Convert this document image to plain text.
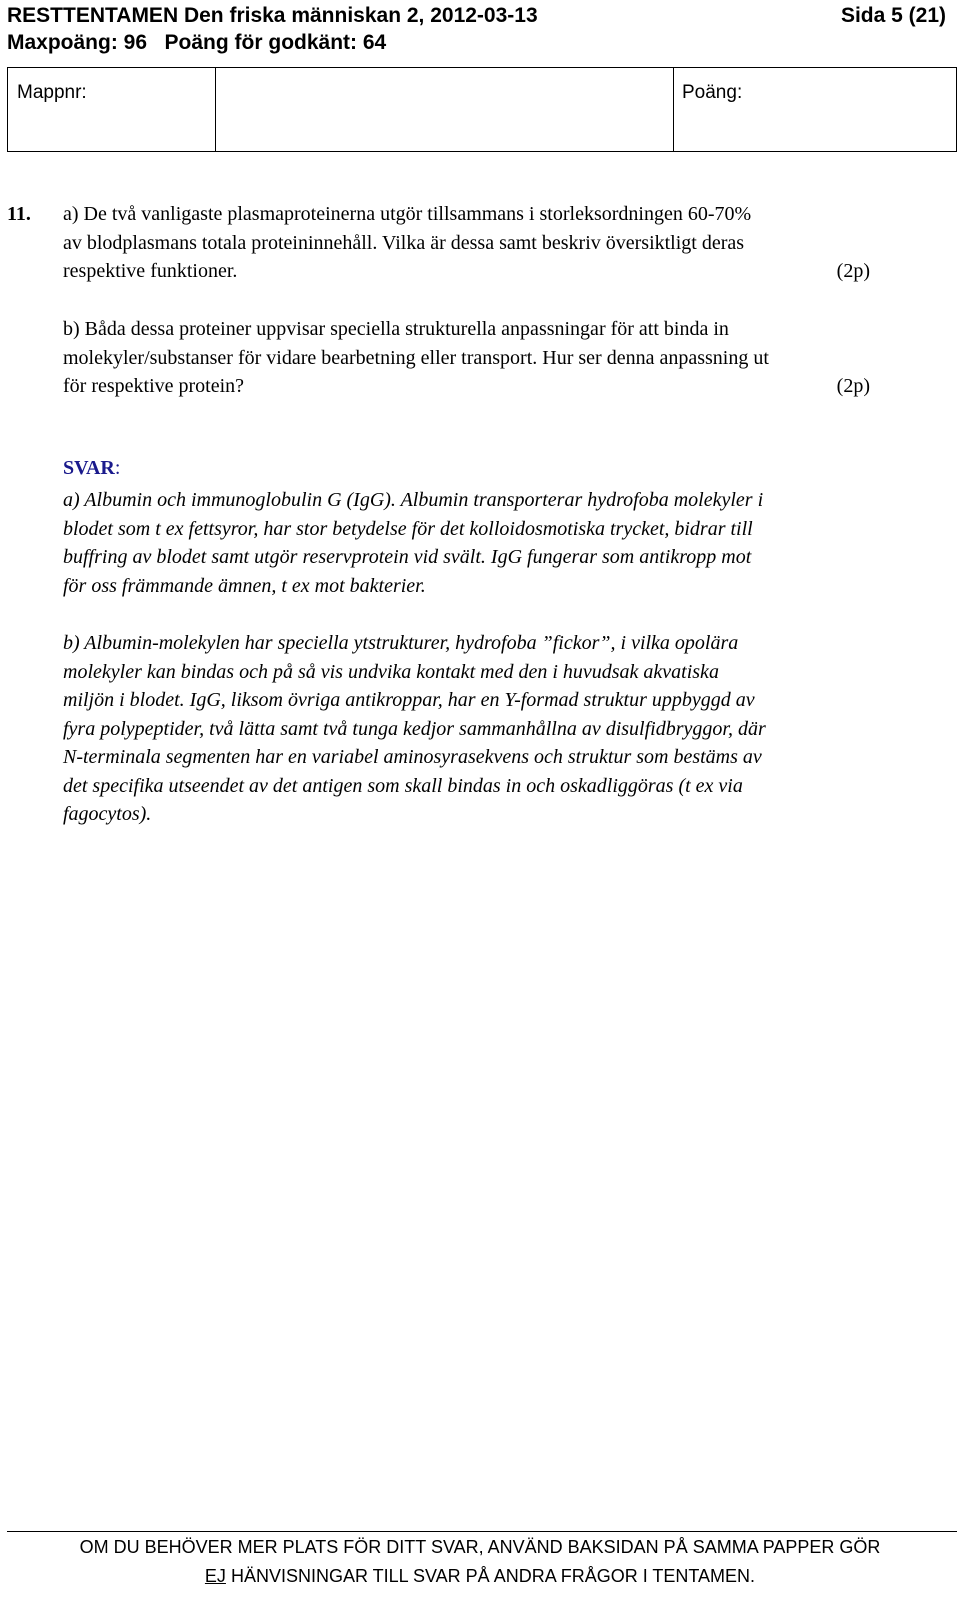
RESTTENTAMEN Den friska människan 2, 2012-03-13	Sida 5 (21)
Maxpoäng: 96   Poäng för godkänt: 64
Mappnr:	Poäng:
11. a) De två vanligaste plasmaproteinerna utgör tillsammans i storleksordningen 60-70%
av blodplasmans totala proteininnehåll. Vilka är dessa samt beskriv översiktligt deras
respektive funktioner.	(2p)
b) Båda dessa proteiner uppvisar speciella strukturella anpassningar för att binda in
molekyler/substanser för vidare bearbetning eller transport. Hur ser denna anpassning ut
för respektive protein?	(2p)
SVAR:
a) Albumin och immunoglobulin G (IgG). Albumin transporterar hydrofoba molekyler i
blodet som t ex fettsyror, har stor betydelse för det kolloidosmotiska trycket, bidrar till
buffring av blodet samt utgör reservprotein vid svält. IgG fungerar som antikropp mot
för oss främmande ämnen, t ex mot bakterier.
b) Albumin-molekylen har speciella ytstrukturer, hydrofoba ”fickor”, i vilka opolära
molekyler kan bindas och på så vis undvika kontakt med den i huvudsak akvatiska
miljön i blodet. IgG, liksom övriga antikroppar, har en Y-formad struktur uppbyggd av
fyra polypeptider, två lätta samt två tunga kedjor sammanhållna av disulfidbryggor, där
N-terminala segmenten har en variabel aminosyrasekvens och struktur som bestäms av
det specifika utseendet av det antigen som skall bindas in och oskadliggöras (t ex via
fagocytos).
OM DU BEHÖVER MER PLATS FÖR DITT SVAR, ANVÄND BAKSIDAN PÅ SAMMA PAPPER GÖR
EJ HÄNVISNINGAR TILL SVAR PÅ ANDRA FRÅGOR I TENTAMEN.
